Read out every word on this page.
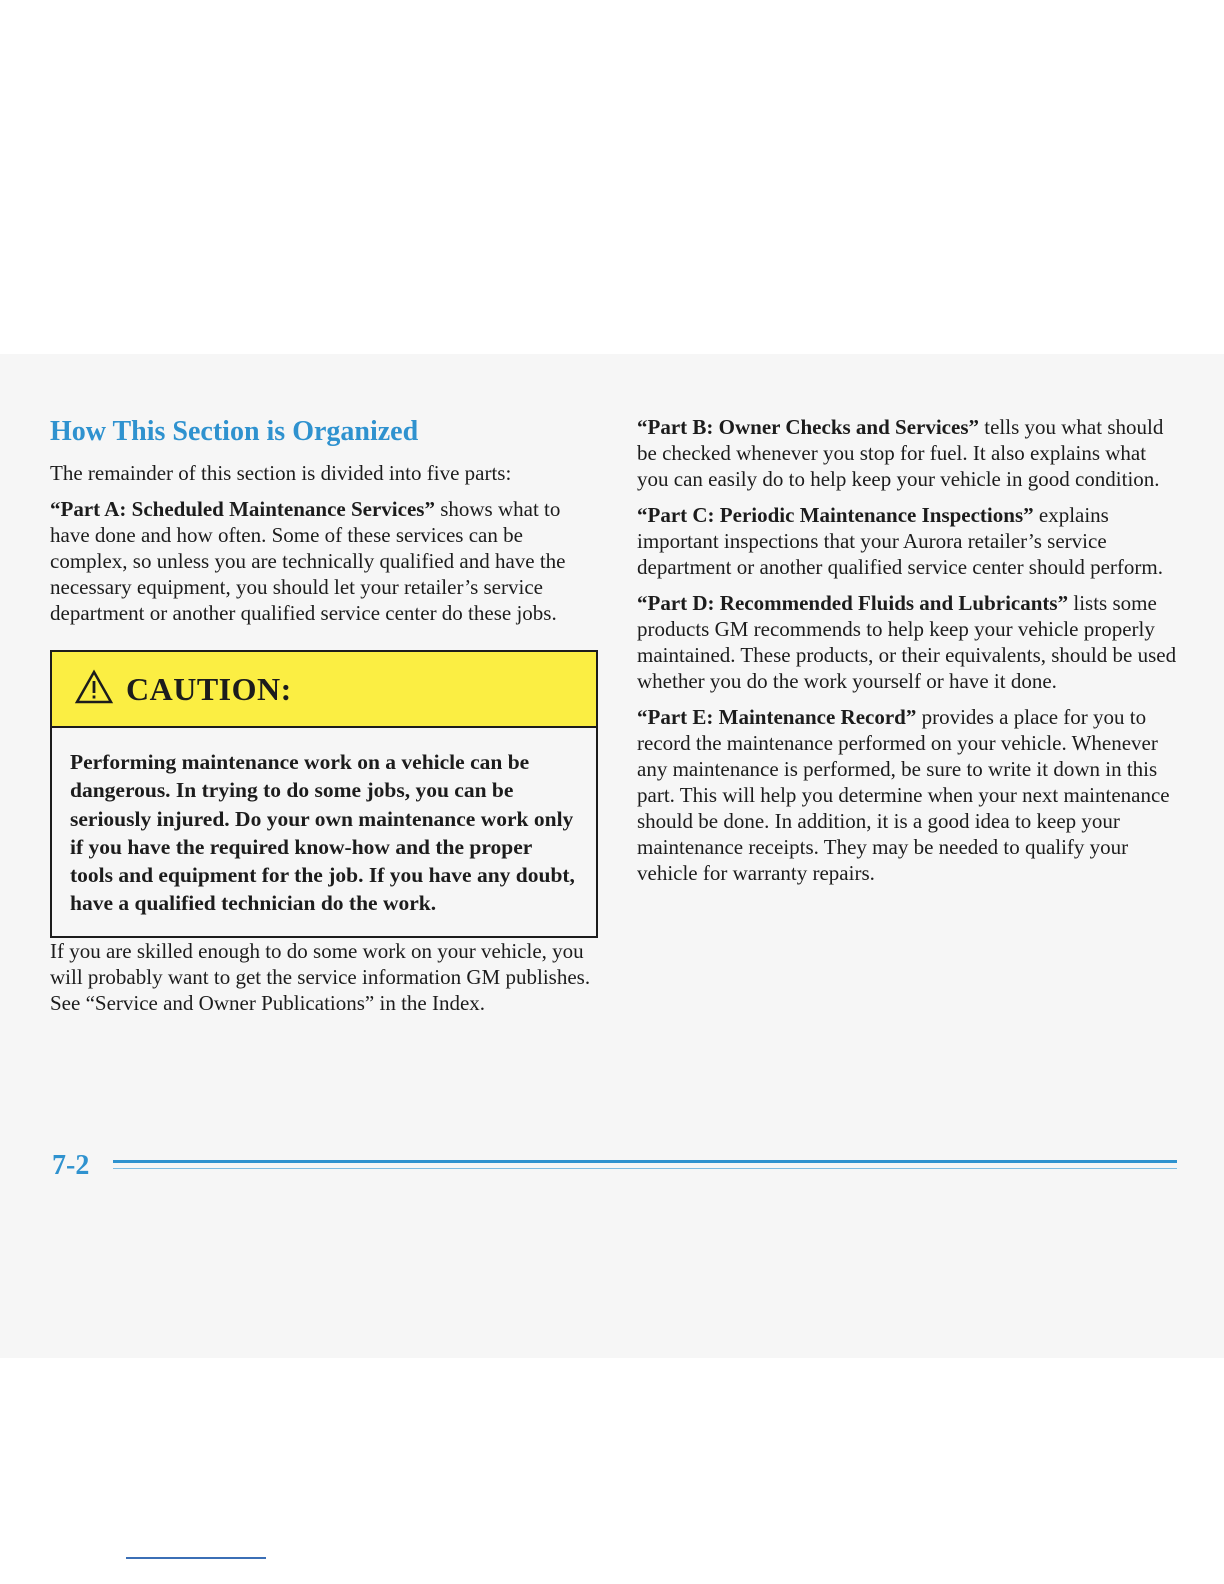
How This Section is Organized

The remainder of this section is divided into five parts:

“Part A: Scheduled Maintenance Services” shows what to have done and how often. Some of these services can be complex, so unless you are technically qualified and have the necessary equipment, you should let your retailer’s service department or another qualified service center do these jobs.

CAUTION:
Performing maintenance work on a vehicle can be dangerous. In trying to do some jobs, you can be seriously injured. Do your own maintenance work only if you have the required know-how and the proper tools and equipment for the job. If you have any doubt, have a qualified technician do the work.

If you are skilled enough to do some work on your vehicle, you will probably want to get the service information GM publishes. See “Service and Owner Publications” in the Index.

“Part B: Owner Checks and Services” tells you what should be checked whenever you stop for fuel. It also explains what you can easily do to help keep your vehicle in good condition.

“Part C: Periodic Maintenance Inspections” explains important inspections that your Aurora retailer’s service department or another qualified service center should perform.

“Part D: Recommended Fluids and Lubricants” lists some products GM recommends to help keep your vehicle properly maintained. These products, or their equivalents, should be used whether you do the work yourself or have it done.

“Part E: Maintenance Record” provides a place for you to record the maintenance performed on your vehicle. Whenever any maintenance is performed, be sure to write it down in this part. This will help you determine when your next maintenance should be done. In addition, it is a good idea to keep your maintenance receipts. They may be needed to qualify your vehicle for warranty repairs.

7-2
